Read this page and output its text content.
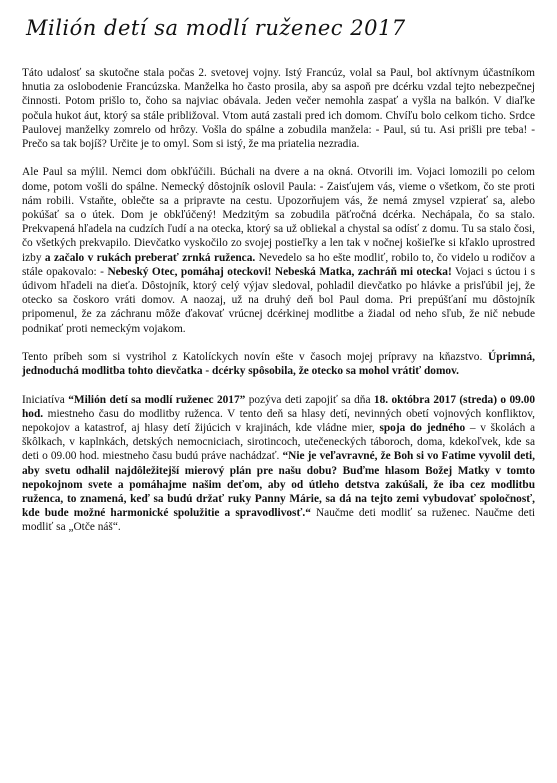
Milión detí sa modlí ruženec 2017

Táto udalosť sa skutočne stala počas 2. svetovej vojny. Istý Francúz, volal sa Paul, bol aktívnym účastníkom hnutia za oslobodenie Francúzska. Manželka ho často prosila, aby sa aspoň pre dcérku vzdal tejto nebezpečnej činnosti. Potom prišlo to, čoho sa najviac obávala. Jeden večer nemohla zaspať a vyšla na balkón. V diaľke počula hukot áut, ktorý sa stále približoval. Vtom autá zastali pred ich domom. Chvíľu bolo celkom ticho. Srdce Paulovej manželky zomrelo od hrôzy. Vošla do spálne a zobudila manžela: - Paul, sú tu. Asi prišli pre teba! - Prečo sa tak bojíš? Určite je to omyl. Som si istý, že ma priatelia nezradia.

Ale Paul sa mýlil. Nemci dom obkľúčili. Búchali na dvere a na okná. Otvorili im. Vojaci lomozili po celom dome, potom vošli do spálne. Nemecký dôstojník oslovil Paula: - Zaisťujem vás, vieme o všetkom, čo ste proti nám robili. Vstaňte, oblečte sa a pripravte na cestu. Upozorňujem vás, že nemá zmysel vzpierať sa, alebo pokúšať sa o útek. Dom je obkľúčený! Medzitým sa zobudila päťročná dcérka. Nechápala, čo sa stalo. Prekvapená hľadela na cudzích ľudí a na otecka, ktorý sa už obliekal a chystal sa odísť z domu. Tu sa stalo čosi, čo všetkých prekvapilo. Dievčatko vyskočilo zo svojej postieľky a len tak v nočnej košieľke si kľaklo uprostred izby a začalo v rukách preberať zrnká ruženca. Nevedelo sa ho ešte modliť, robilo to, čo videlo u rodičov a stále opakovalo: - Nebeský Otec, pomáhaj oteckovi! Nebeská Matka, zachráň mi otecka! Vojaci s úctou i s údivom hľadeli na dieťa. Dôstojník, ktorý celý výjav sledoval, pohladil dievčatko po hlávke a prisľúbil jej, že otecko sa čoskoro vráti domov. A naozaj, už na druhý deň bol Paul doma. Pri prepúšťaní mu dôstojník pripomenul, že za záchranu môže ďakovať vrúcnej dcérkinej modlitbe a žiadal od neho sľub, že nič nebude podnikať proti nemeckým vojakom.

Tento príbeh som si vystrihol z Katolíckych novín ešte v časoch mojej prípravy na kňazstvo. Úprimná, jednoduchá modlitba tohto dievčatka - dcérky spôsobila, že otecko sa mohol vrátiť domov.

Iniciatíva “Milión detí sa modlí ruženec 2017” pozýva deti zapojiť sa dňa 18. októbra 2017 (streda) o 09.00 hod. miestneho času do modlitby ruženca. V tento deň sa hlasy detí, nevinných obetí vojnových konfliktov, nepokojov a katastrof, aj hlasy detí žijúcich v krajinách, kde vládne mier, spoja do jedného – v školách a škôlkach, v kaplnkách, detských nemocniciach, sirotincoch, utečeneckých táboroch, doma, kdekoľvek, kde sa deti o 09.00 hod. miestneho času budú práve nachádzať. “Nie je veľavravné, že Boh si vo Fatime vyvolil deti, aby svetu odhalil najdôležitejší mierový plán pre našu dobu? Buďme hlasom Božej Matky v tomto nepokojnom svete a pomáhajme našim deťom, aby od útleho detstva zakúšali, že iba cez modlitbu ruženca, to znamená, keď sa budú držať ruky Panny Márie, sa dá na tejto zemi vybudovať spoločnosť, kde bude možné harmonické spolužitie a spravodlivosť.“ Naučme deti modliť sa ruženec. Naučme deti modliť sa „Otče náš“.
